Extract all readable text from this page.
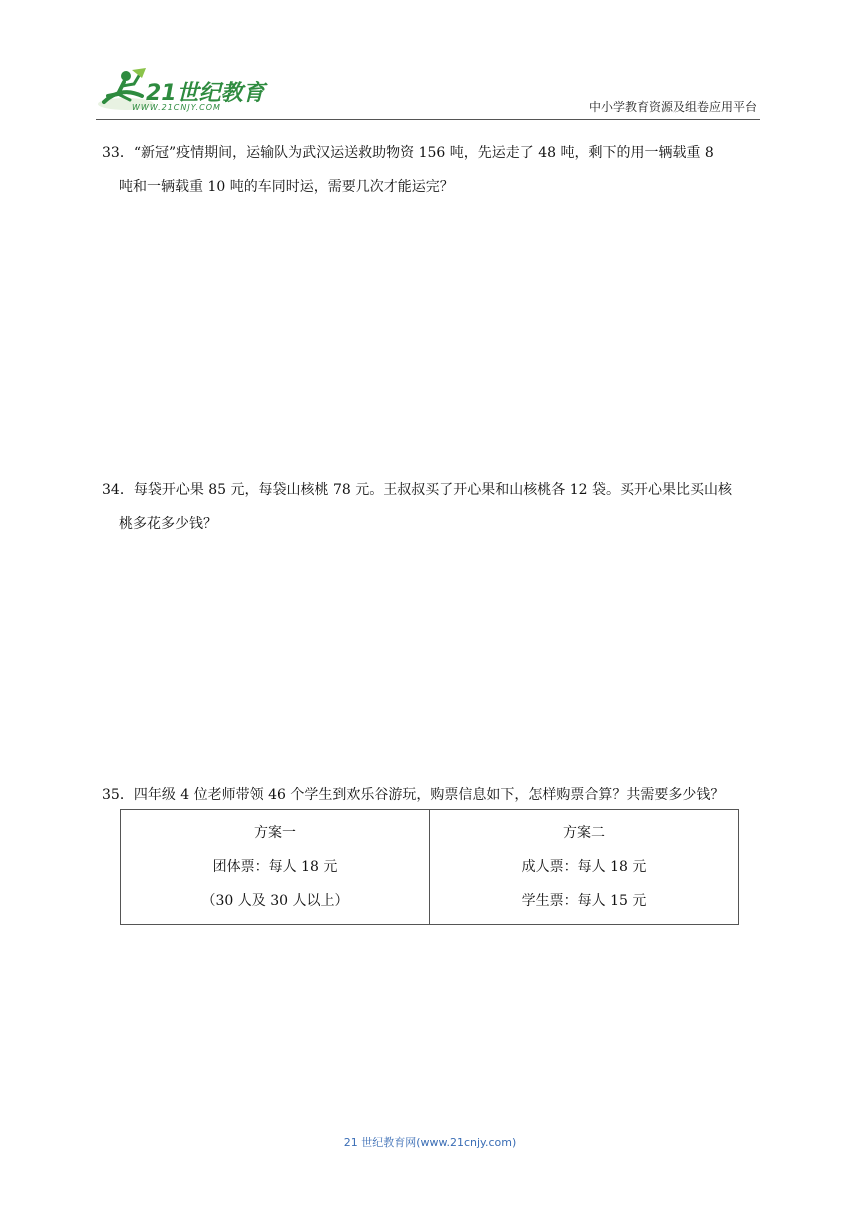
21世纪教育
WWW.21CNJY.COM	中小学教育资源及组卷应用平台
33．“新冠”疫情期间，运输队为武汉运送救助物资 156 吨，先运走了 48 吨，剩下的用一辆载重 8
吨和一辆载重 10 吨的车同时运，需要几次才能运完？
34．每袋开心果 85 元，每袋山核桃 78 元。王叔叔买了开心果和山核桃各 12 袋。买开心果比买山核
桃多花多少钱？
35．四年级 4 位老师带领 46 个学生到欢乐谷游玩，购票信息如下，怎样购票合算？共需要多少钱？
方案一
团体票：每人 18 元
（30 人及 30 人以上）

方案二
成人票：每人 18 元
学生票：每人 15 元
21 世纪教育网(www.21cnjy.com)
